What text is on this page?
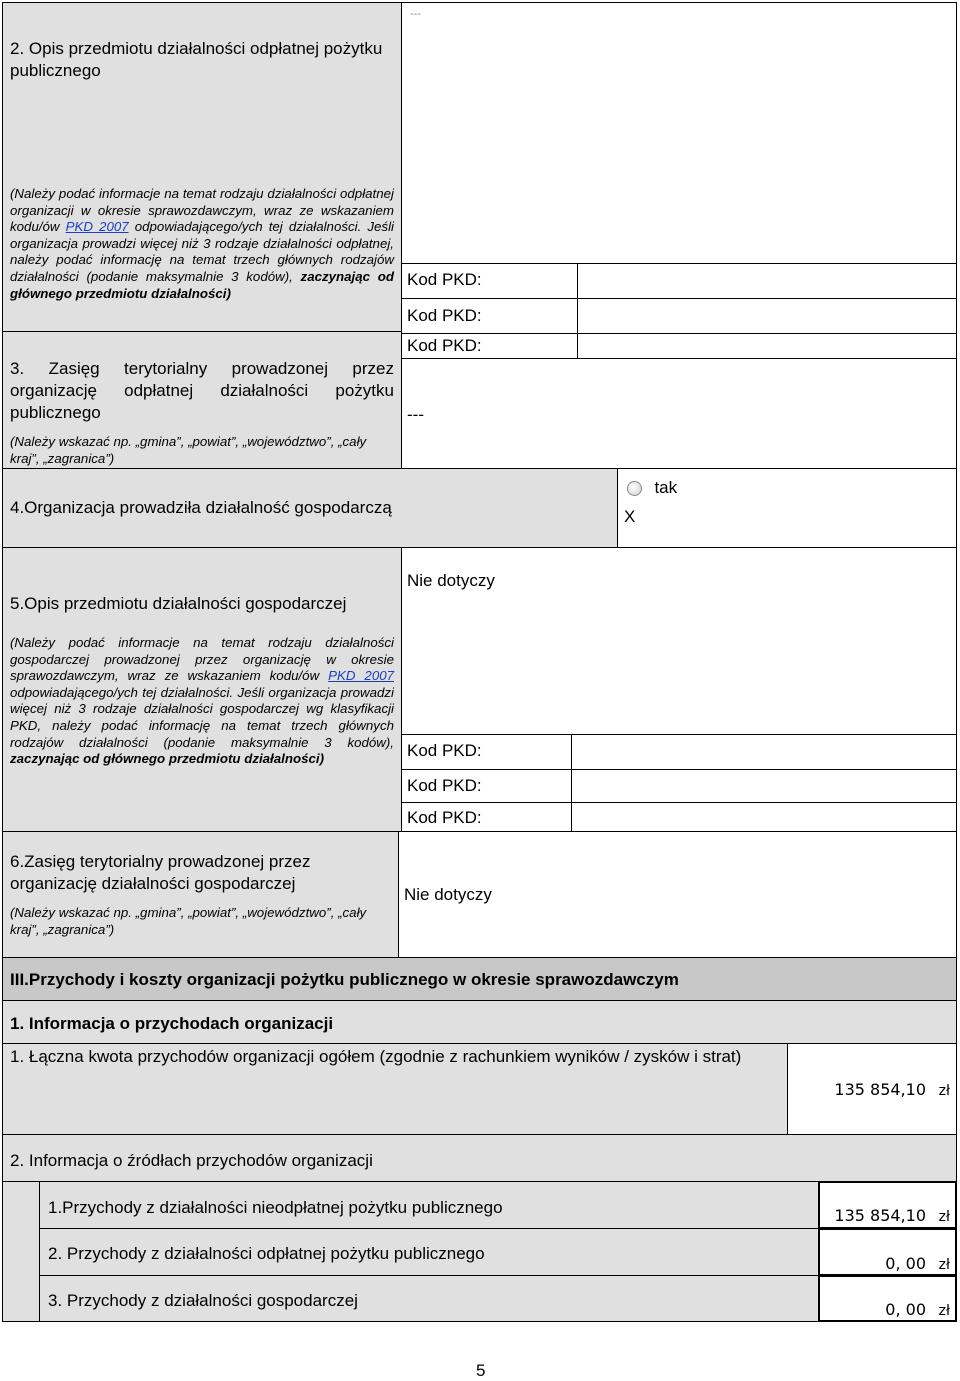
2. Opis przedmiotu działalności odpłatnej pożytku publicznego
(Należy podać informacje na temat rodzaju działalności odpłatnej organizacji w okresie sprawozdawczym, wraz ze wskazaniem kodu/ów PKD 2007 odpowiadającego/ych tej działalności. Jeśli organizacja prowadzi więcej niż 3 rodzaje działalności odpłatnej, należy podać informację na temat trzech głównych rodzajów działalności (podanie maksymalnie 3 kodów), zaczynając od głównego przedmiotu działalności)
---
Kod PKD:
Kod PKD:
Kod PKD:
3. Zasięg terytorialny prowadzonej przez organizację odpłatnej działalności pożytku publicznego
(Należy wskazać np. „gmina”, „powiat”, „województwo”, „cały kraj”, „zagranica”)
---
4.Organizacja prowadziła działalność gospodarczą
tak
X
5.Opis przedmiotu działalności gospodarczej
(Należy podać informacje na temat rodzaju działalności gospodarczej prowadzonej przez organizację w okresie sprawozdawczym, wraz ze wskazaniem kodu/ów PKD 2007 odpowiadającego/ych tej działalności. Jeśli organizacja prowadzi więcej niż 3 rodzaje działalności gospodarczej wg klasyfikacji PKD, należy podać informację na temat trzech głównych rodzajów działalności (podanie maksymalnie 3 kodów), zaczynając od głównego przedmiotu działalności)
Nie dotyczy
Kod PKD:
Kod PKD:
Kod PKD:
6.Zasięg terytorialny prowadzonej przez organizację działalności gospodarczej
(Należy wskazać np. „gmina”, „powiat”, „województwo”, „cały kraj”, „zagranica”)
Nie dotyczy
III.Przychody i koszty organizacji pożytku publicznego w okresie sprawozdawczym
1. Informacja o przychodach organizacji
1. Łączna kwota przychodów organizacji ogółem (zgodnie z rachunkiem wyników / zysków i strat)
135 854,10 zł
2. Informacja o źródłach przychodów organizacji
1.Przychody z działalności nieodpłatnej pożytku publicznego	135 854,10 zł
2. Przychody z działalności odpłatnej pożytku publicznego
0, 00 zł
3. Przychody z działalności gospodarczej	0, 00 zł
5
